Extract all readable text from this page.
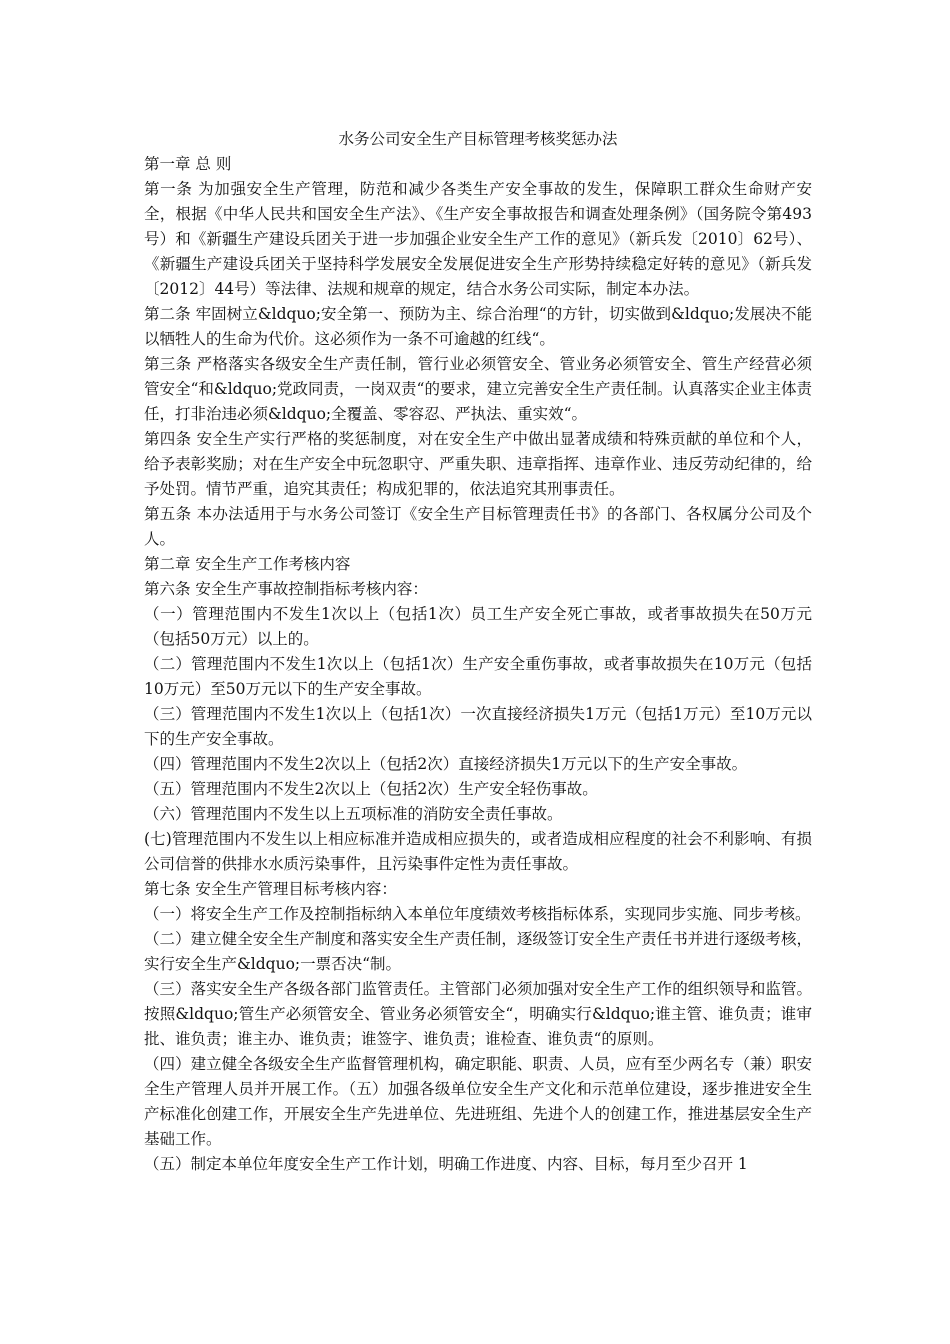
水务公司安全生产目标管理考核奖惩办法

第一章 总 则

第一条 为加强安全生产管理，防范和减少各类生产安全事故的发生，保障职工群众生命财产安全，根据《中华人民共和国安全生产法》、《生产安全事故报告和调查处理条例》（国务院令第493号）和《新疆生产建设兵团关于进一步加强企业安全生产工作的意见》（新兵发〔2010〕62号）、《新疆生产建设兵团关于坚持科学发展安全发展促进安全生产形势持续稳定好转的意见》（新兵发〔2012〕44号）等法律、法规和规章的规定，结合水务公司实际，制定本办法。

第二条 牢固树立&ldquo;安全第一、预防为主、综合治理“的方针，切实做到&ldquo;发展决不能以牺牲人的生命为代价。这必须作为一条不可逾越的红线“。

第三条 严格落实各级安全生产责任制，管行业必须管安全、管业务必须管安全、管生产经营必须管安全“和&ldquo;党政同责，一岗双责“的要求，建立完善安全生产责任制。认真落实企业主体责任，打非治违必须&ldquo;全覆盖、零容忍、严执法、重实效“。

第四条 安全生产实行严格的奖惩制度，对在安全生产中做出显著成绩和特殊贡献的单位和个人，给予表彰奖励；对在生产安全中玩忽职守、严重失职、违章指挥、违章作业、违反劳动纪律的，给予处罚。情节严重，追究其责任；构成犯罪的，依法追究其刑事责任。

第五条 本办法适用于与水务公司签订《安全生产目标管理责任书》的各部门、各权属分公司及个人。

第二章 安全生产工作考核内容

第六条 安全生产事故控制指标考核内容：

（一）管理范围内不发生1次以上（包括1次）员工生产安全死亡事故，或者事故损失在50万元（包括50万元）以上的。

（二）管理范围内不发生1次以上（包括1次）生产安全重伤事故，或者事故损失在10万元（包括10万元）至50万元以下的生产安全事故。

（三）管理范围内不发生1次以上（包括1次）一次直接经济损失1万元（包括1万元）至10万元以下的生产安全事故。

（四）管理范围内不发生2次以上（包括2次）直接经济损失1万元以下的生产安全事故。

（五）管理范围内不发生2次以上（包括2次）生产安全轻伤事故。

（六）管理范围内不发生以上五项标准的消防安全责任事故。

(七)管理范围内不发生以上相应标准并造成相应损失的，或者造成相应程度的社会不利影响、有损公司信誉的供排水水质污染事件，且污染事件定性为责任事故。

第七条 安全生产管理目标考核内容：

（一）将安全生产工作及控制指标纳入本单位年度绩效考核指标体系，实现同步实施、同步考核。

（二）建立健全安全生产制度和落实安全生产责任制，逐级签订安全生产责任书并进行逐级考核，实行安全生产&ldquo;一票否决“制。

（三）落实安全生产各级各部门监管责任。主管部门必须加强对安全生产工作的组织领导和监管。按照&ldquo;管生产必须管安全、管业务必须管安全“，明确实行&ldquo;谁主管、谁负责；谁审批、谁负责；谁主办、谁负责；谁签字、谁负责；谁检查、谁负责“的原则。

（四）建立健全各级安全生产监督管理机构，确定职能、职责、人员，应有至少两名专（兼）职安全生产管理人员并开展工作。（五）加强各级单位安全生产文化和示范单位建设，逐步推进安全生产标准化创建工作，开展安全生产先进单位、先进班组、先进个人的创建工作，推进基层安全生产基础工作。

（五）制定本单位年度安全生产工作计划，明确工作进度、内容、目标，每月至少召开 1
